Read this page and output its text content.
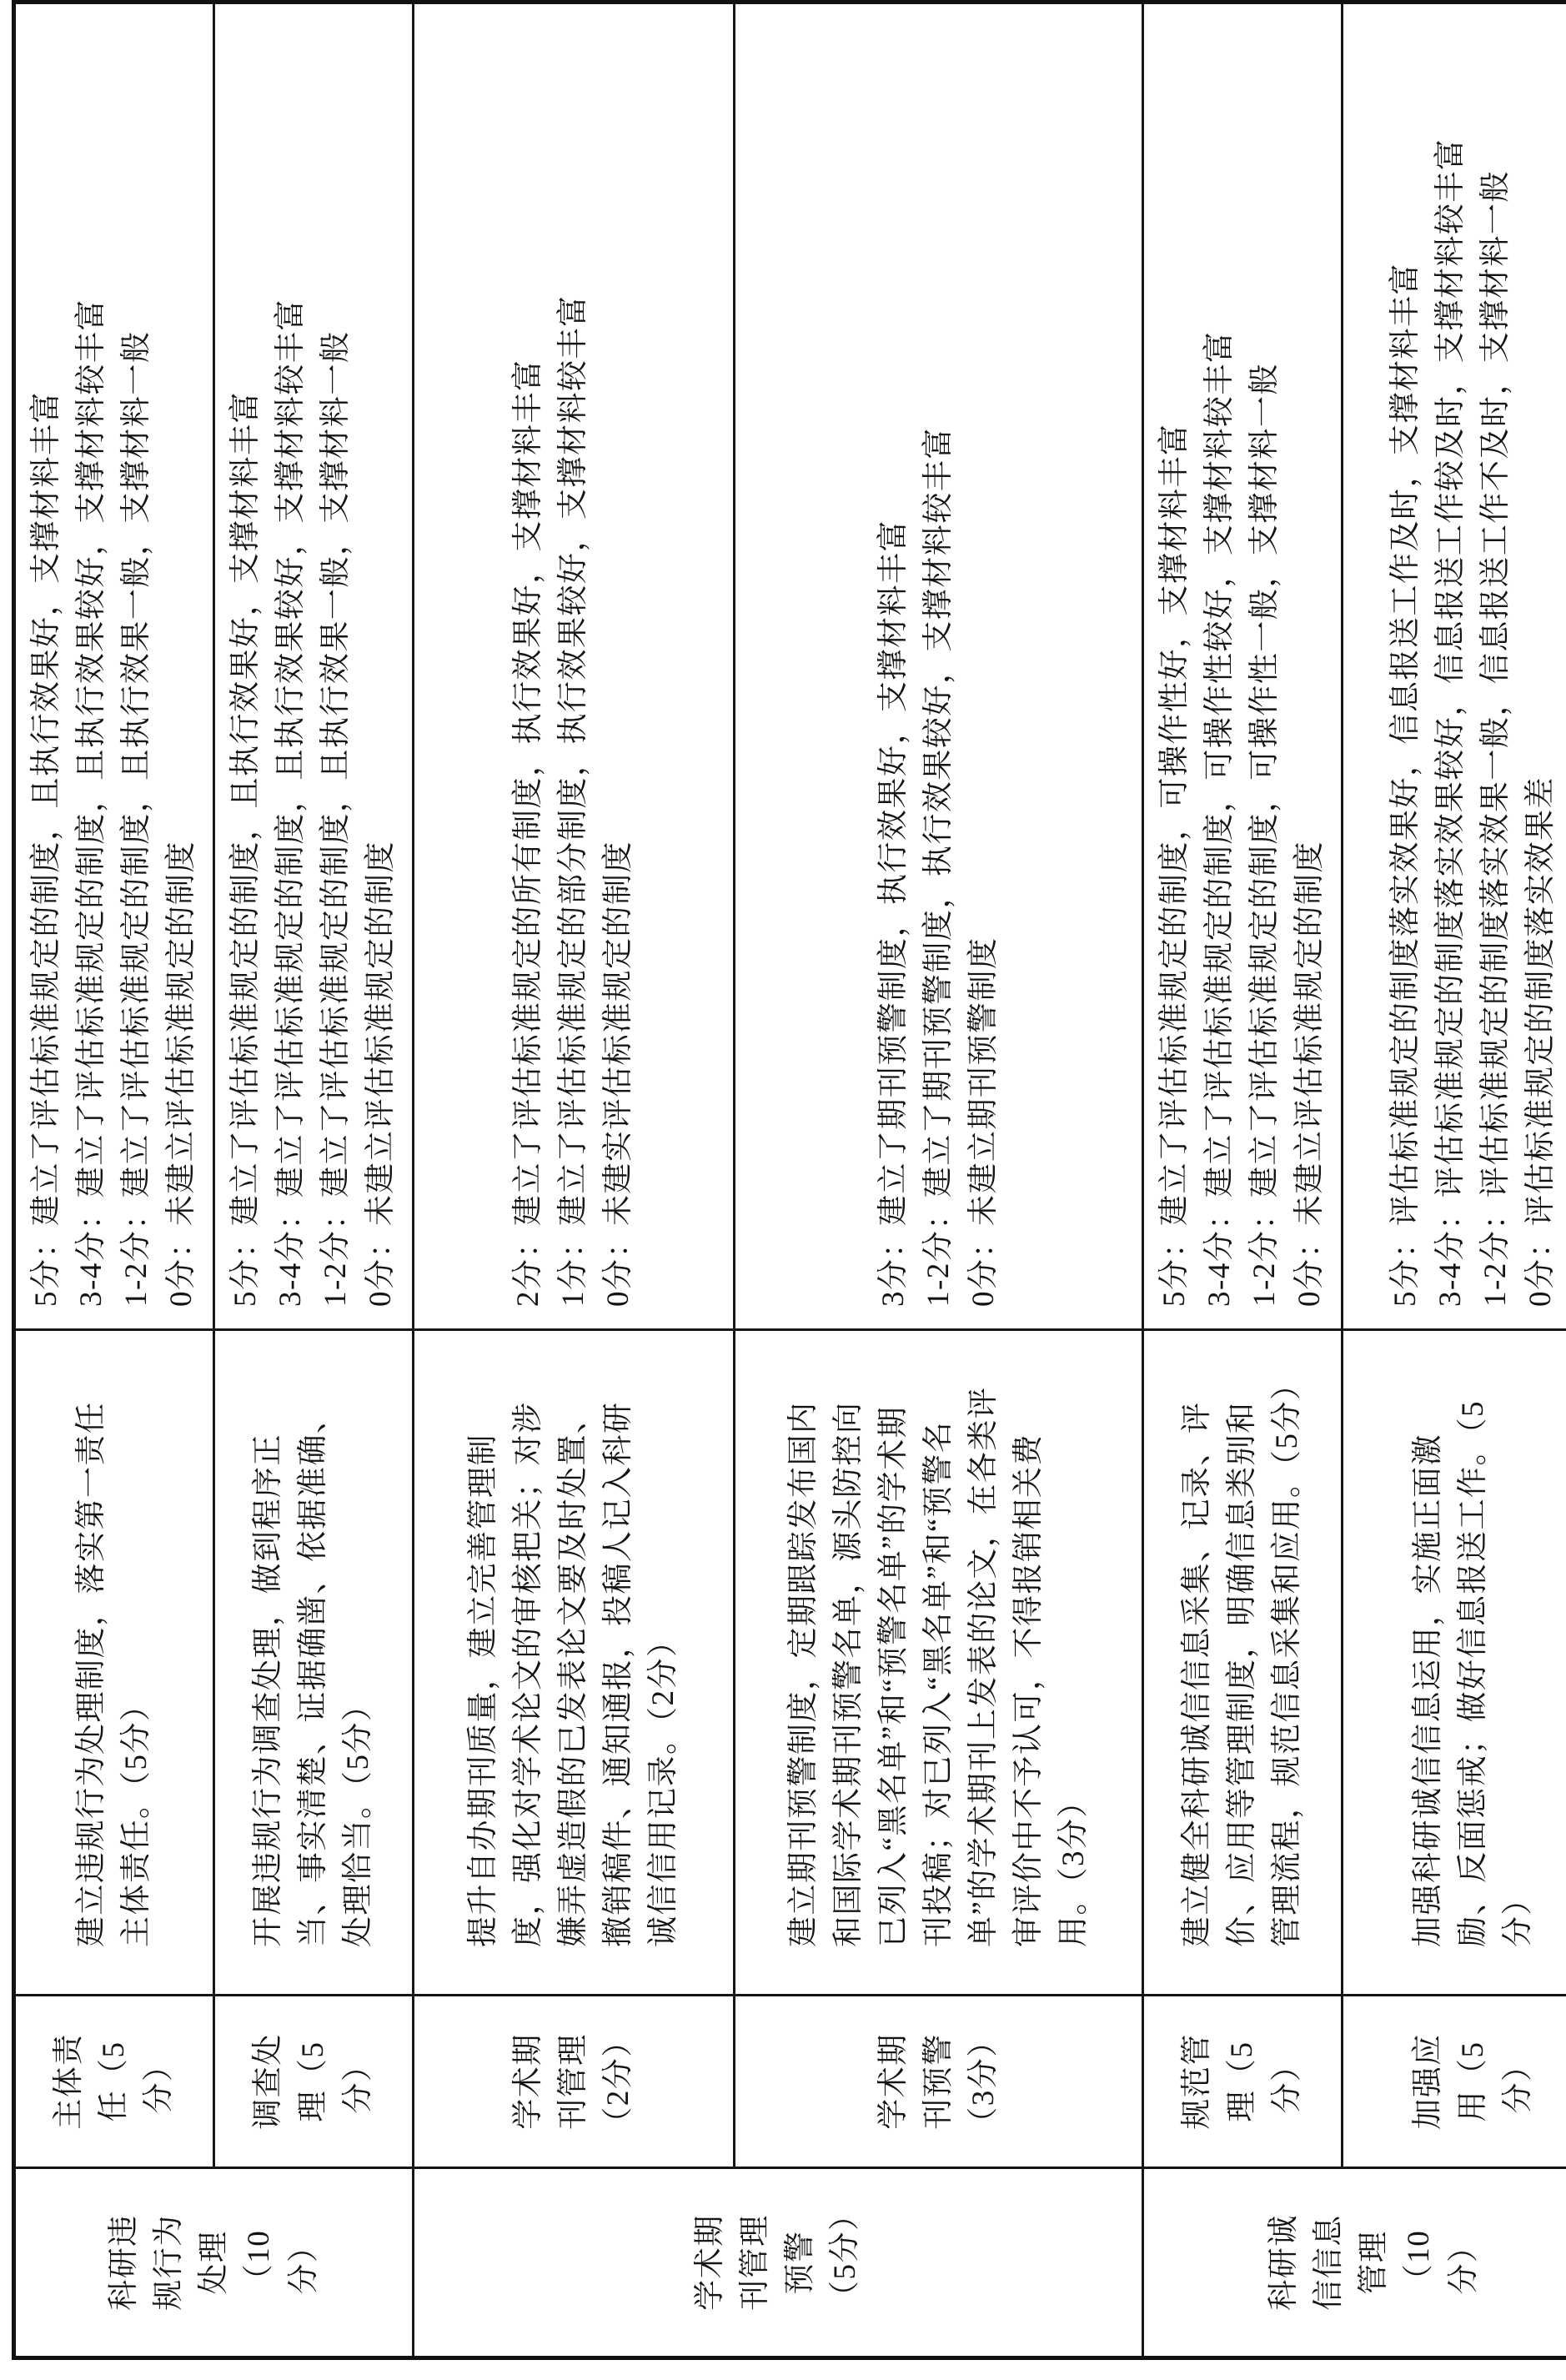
科研违规行为处理（10分）	主体责任（5分）	建立违规行为处理制度，落实第一责任主体责任。（5分）	5分：建立了评估标准规定的制度，且执行效果好，支撑材料丰富 3-4分：建立了评估标准规定的制度，且执行效果较好，支撑材料较丰富 1-2分：建立了评估标准规定的制度，且执行效果一般，支撑材料一般 0分：未建立评估标准规定的制度

	调查处理（5分）	开展违规行为调查处理，做到程序正当、事实清楚、证据确凿、依据准确、处理恰当。（5分）	5分：建立了评估标准规定的制度，且执行效果好，支撑材料丰富 3-4分：建立了评估标准规定的制度，且执行效果较好，支撑材料较丰富 1-2分：建立了评估标准规定的制度，且执行效果一般，支撑材料一般 0分：未建立评估标准规定的制度

学术期刊管理预警（5分）	学术期刊管理（2分）	提升自办期刊质量，建立完善管理制度，强化对学术论文的审核把关；对涉嫌弄虚造假的已发表论文要及时处置、撤销稿件、通知通报，投稿人记入科研诚信信用记录。（2分）	2分：建立了评估标准规定的所有制度，执行效果好，支撑材料丰富 1分：建立了评估标准规定的部分制度，执行效果较好，支撑材料较丰富 0分：未建实评估标准规定的制度

	学术期刊预警（3分）	建立期刊预警制度，定期跟踪发布国内和国际学术期刊预警名单，源头防控向已列入“黑名单”和“预警名单”的学术期刊投稿；对已列入“黑名单”和“预警名单”的学术期刊上发表的论文，在各类评审评价中不予认可，不得报销相关费用。（3分）	3分：建立了期刊预警制度，执行效果好，支撑材料丰富 1-2分：建立了期刊预警制度，执行效果较好，支撑材料较丰富 0分：未建立期刊预警制度

科研诚信信息管理（10分）	规范管理（5分）	建立健全科研诚信信息采集、记录、评价、应用等管理制度，明确信息类别和管理流程，规范信息采集和应用。（5分）	5分：建立了评估标准规定的制度，可操作性好，支撑材料丰富 3-4分：建立了评估标准规定的制度，可操作性较好，支撑材料较丰富 1-2分：建立了评估标准规定的制度，可操作性一般，支撑材料一般 0分：未建立评估标准规定的制度

	加强应用（5分）	加强科研诚信信息运用，实施正面激励、反面惩戒；做好信息报送工作。（5分）	5分：评估标准规定的制度落实效果好，信息报送工作及时，支撑材料丰富 3-4分：评估标准规定的制度落实效果较好，信息报送工作较及时，支撑材料较丰富 1-2分：评估标准规定的制度落实效果一般，信息报送工作不及时，支撑材料一般 0分：评估标准规定的制度落实效果差
